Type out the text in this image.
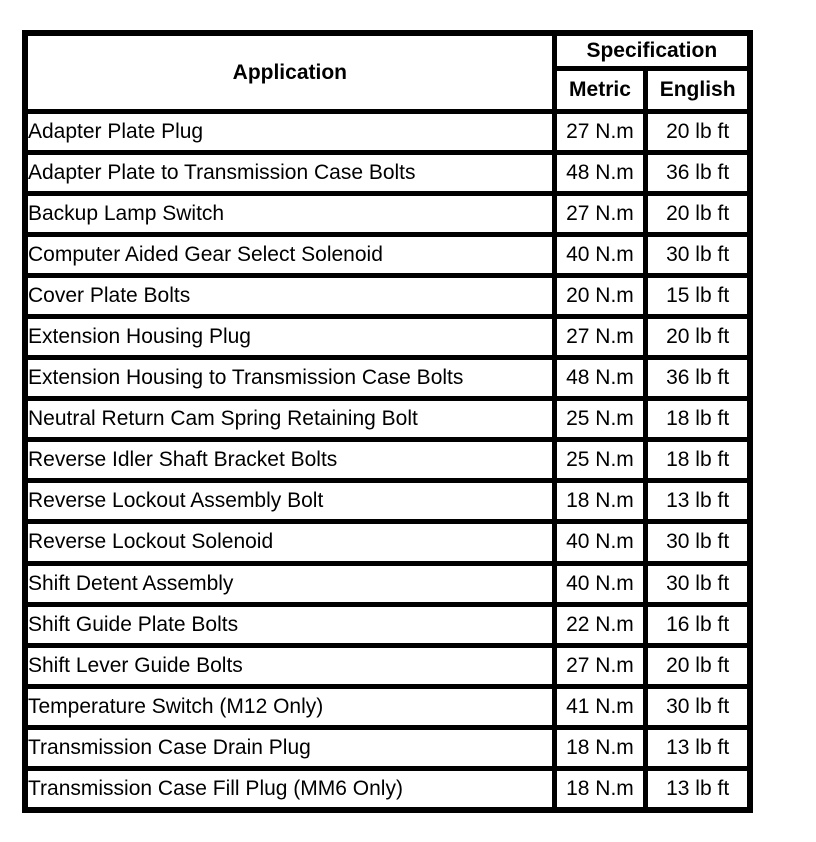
Application	Specification	
	Metric	English
Adapter Plate Plug	27 N.m	20 lb ft
Adapter Plate to Transmission Case Bolts	48 N.m	36 lb ft
Backup Lamp Switch	27 N.m	20 lb ft
Computer Aided Gear Select Solenoid	40 N.m	30 lb ft
Cover Plate Bolts	20 N.m	15 lb ft
Extension Housing Plug	27 N.m	20 lb ft
Extension Housing to Transmission Case Bolts	48 N.m	36 lb ft
Neutral Return Cam Spring Retaining Bolt	25 N.m	18 lb ft
Reverse Idler Shaft Bracket Bolts	25 N.m	18 lb ft
Reverse Lockout Assembly Bolt	18 N.m	13 lb ft
Reverse Lockout Solenoid	40 N.m	30 lb ft
Shift Detent Assembly	40 N.m	30 lb ft
Shift Guide Plate Bolts	22 N.m	16 lb ft
Shift Lever Guide Bolts	27 N.m	20 lb ft
Temperature Switch (M12 Only)	41 N.m	30 lb ft
Transmission Case Drain Plug	18 N.m	13 lb ft
Transmission Case Fill Plug (MM6 Only)	18 N.m	13 lb ft
